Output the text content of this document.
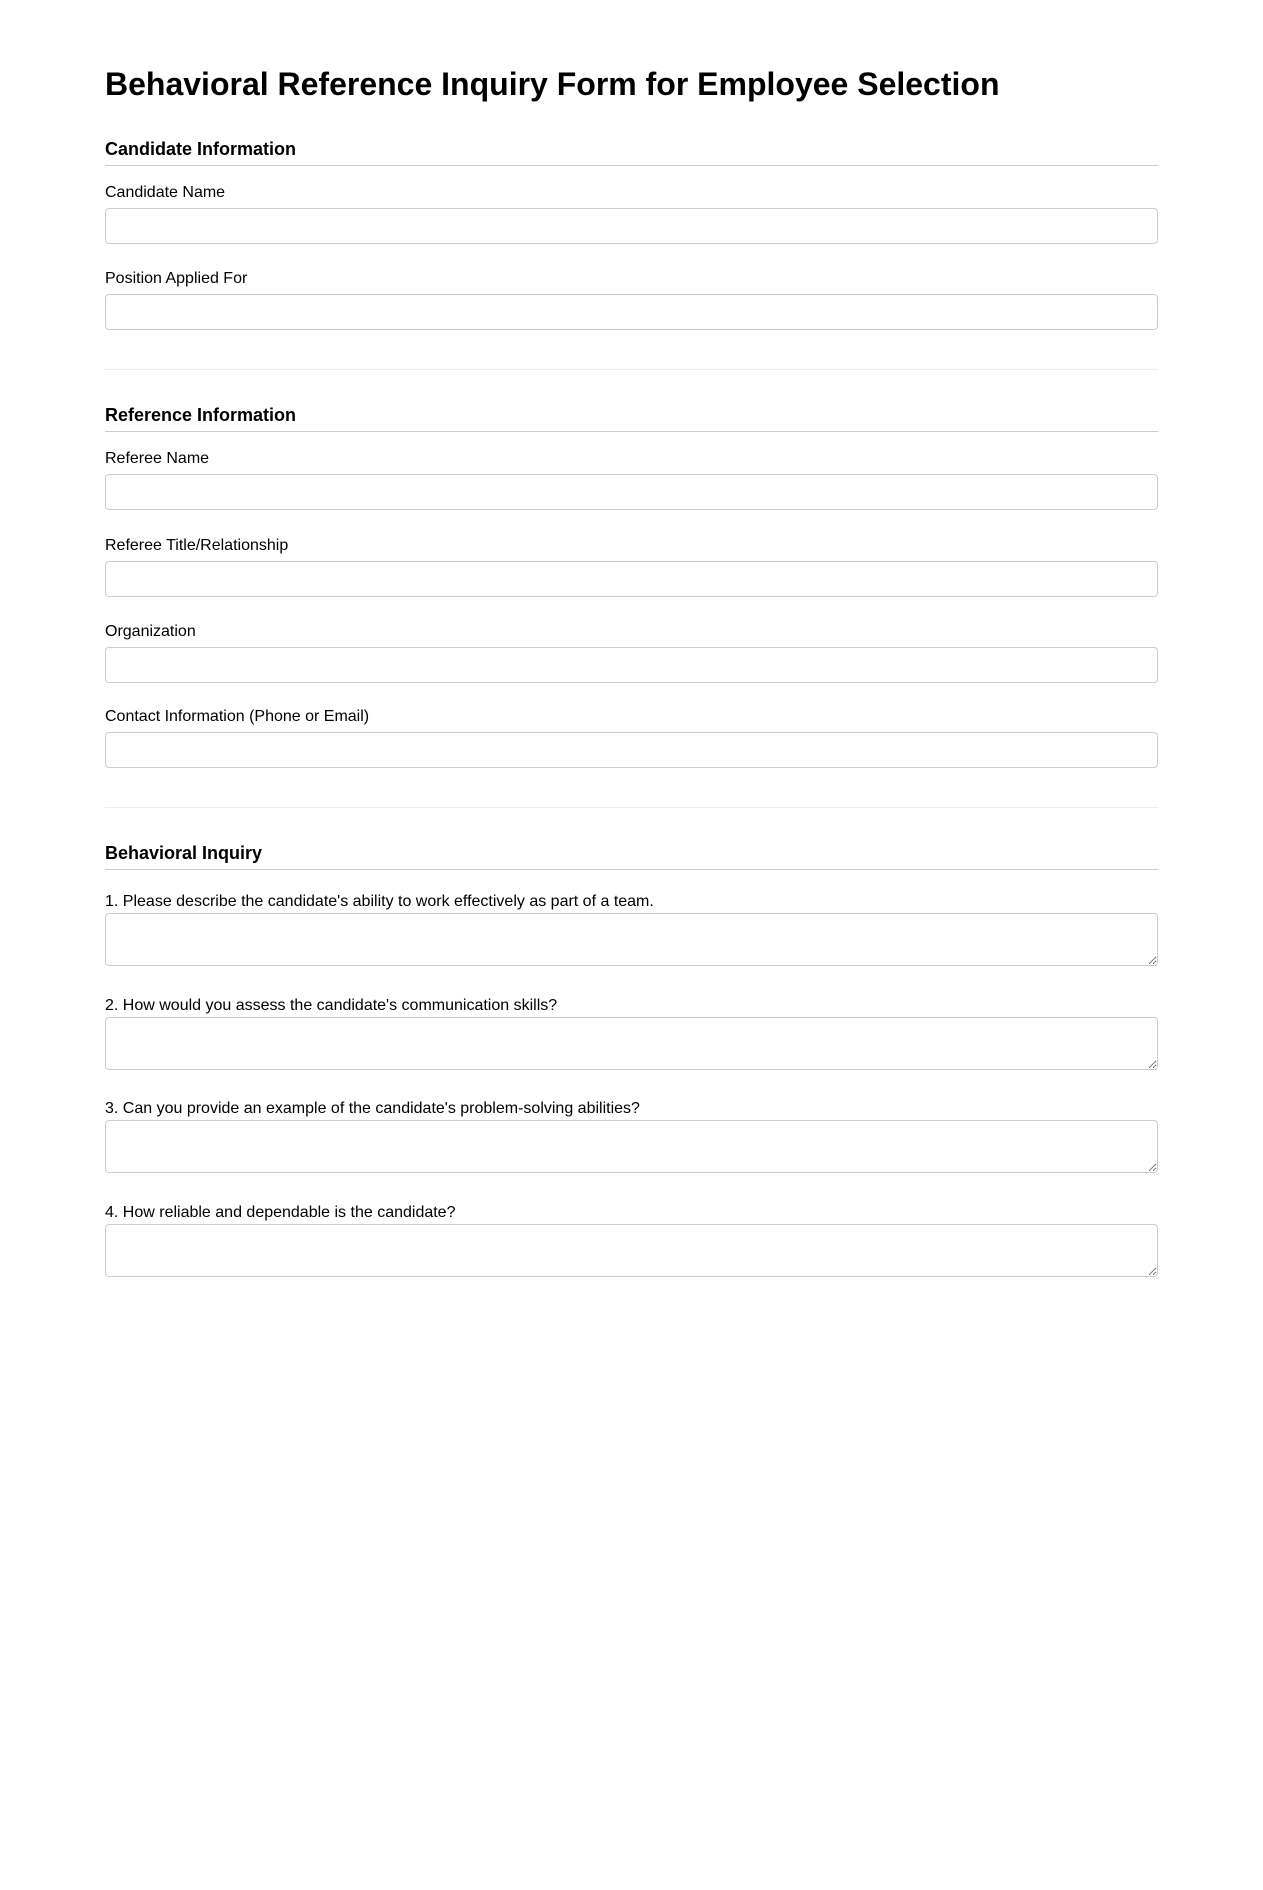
Behavioral Reference Inquiry Form for Employee Selection
Candidate Information
Candidate Name
Position Applied For
Reference Information
Referee Name
Referee Title/Relationship
Organization
Contact Information (Phone or Email)
Behavioral Inquiry
1. Please describe the candidate's ability to work effectively as part of a team.
2. How would you assess the candidate's communication skills?
3. Can you provide an example of the candidate's problem-solving abilities?
4. How reliable and dependable is the candidate?
